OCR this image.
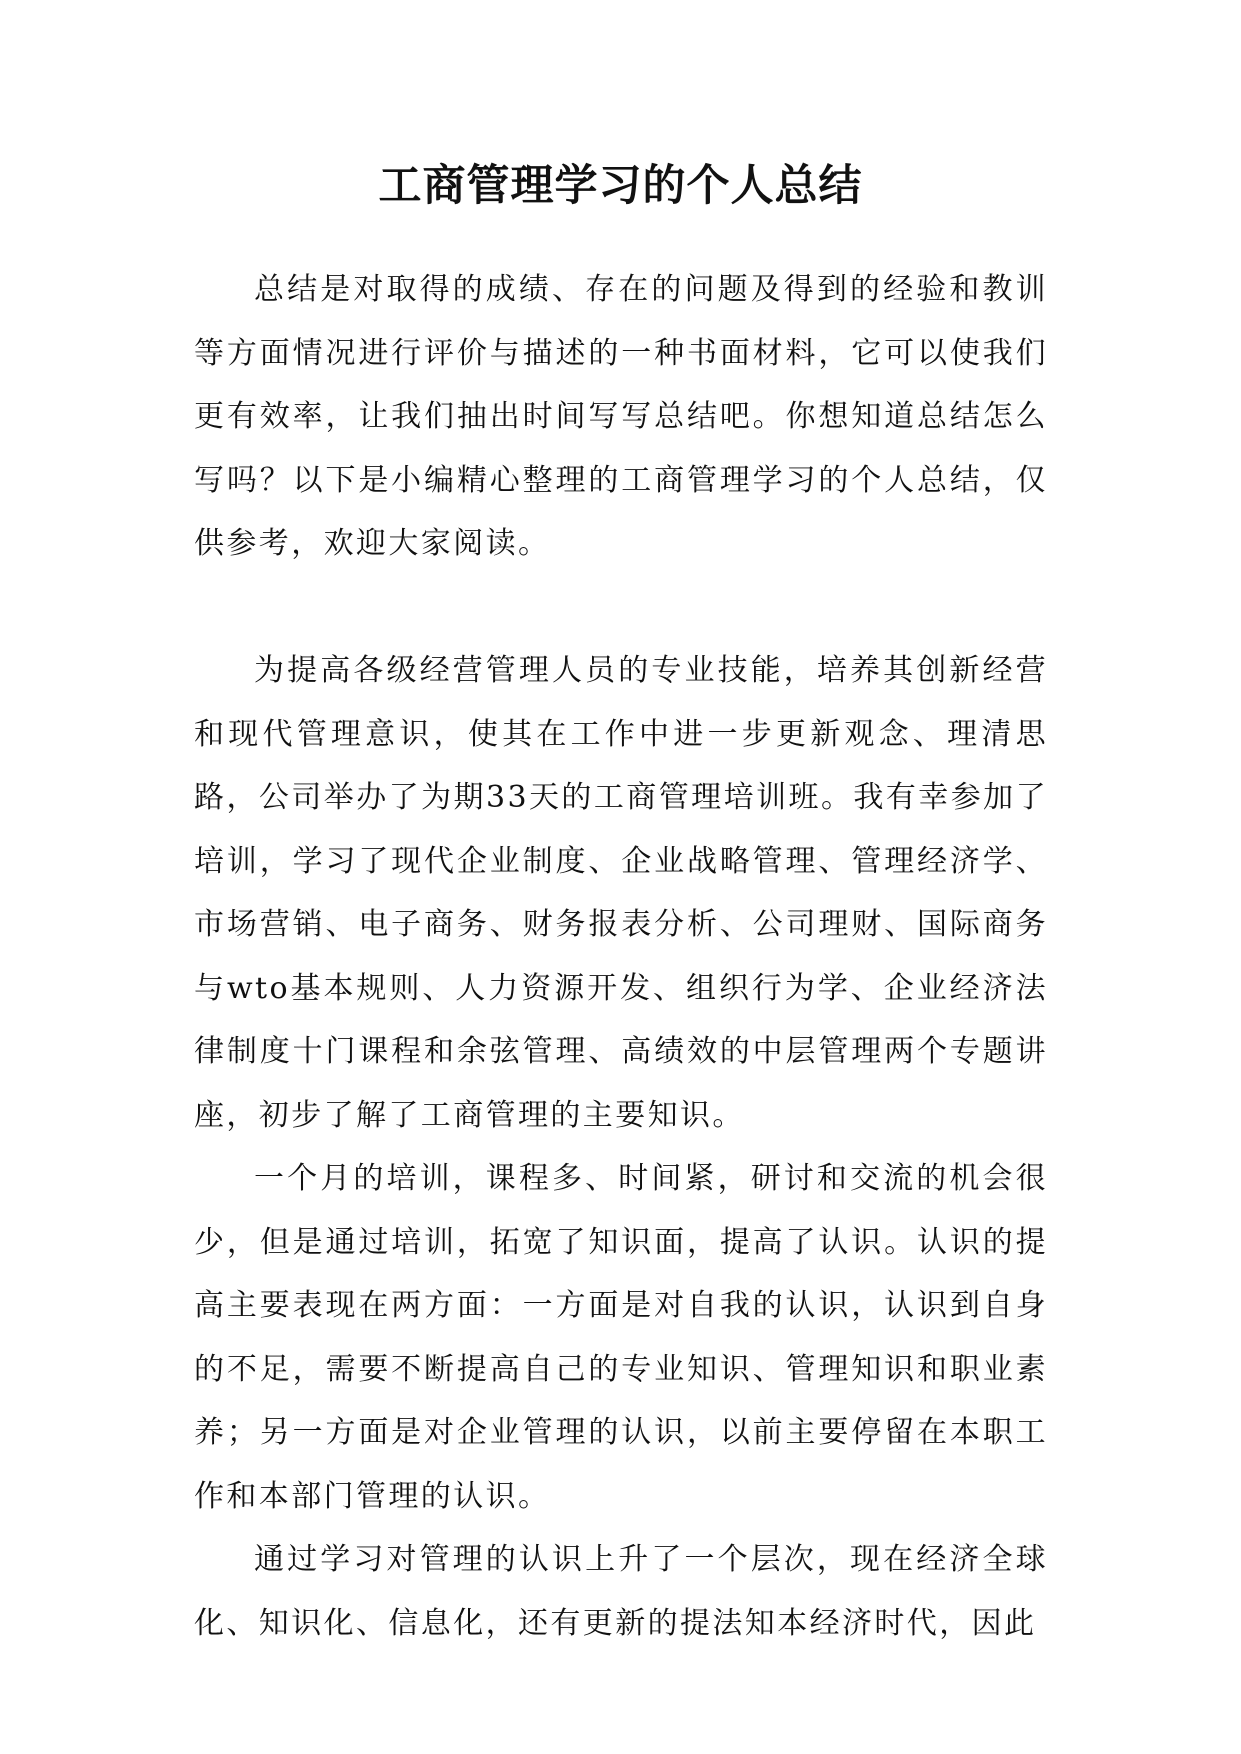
工商管理学习的个人总结

总结是对取得的成绩、存在的问题及得到的经验和教训等方面情况进行评价与描述的一种书面材料，它可以使我们更有效率，让我们抽出时间写写总结吧。你想知道总结怎么写吗？以下是小编精心整理的工商管理学习的个人总结，仅供参考，欢迎大家阅读。

为提高各级经营管理人员的专业技能，培养其创新经营和现代管理意识，使其在工作中进一步更新观念、理清思路，公司举办了为期33天的工商管理培训班。我有幸参加了培训，学习了现代企业制度、企业战略管理、管理经济学、市场营销、电子商务、财务报表分析、公司理财、国际商务与wto基本规则、人力资源开发、组织行为学、企业经济法律制度十门课程和余弦管理、高绩效的中层管理两个专题讲座，初步了解了工商管理的主要知识。

一个月的培训，课程多、时间紧，研讨和交流的机会很少，但是通过培训，拓宽了知识面，提高了认识。认识的提高主要表现在两方面：一方面是对自我的认识，认识到自身的不足，需要不断提高自己的专业知识、管理知识和职业素养；另一方面是对企业管理的认识，以前主要停留在本职工作和本部门管理的认识。

通过学习对管理的认识上升了一个层次，现在经济全球化、知识化、信息化，还有更新的提法知本经济时代，因此
